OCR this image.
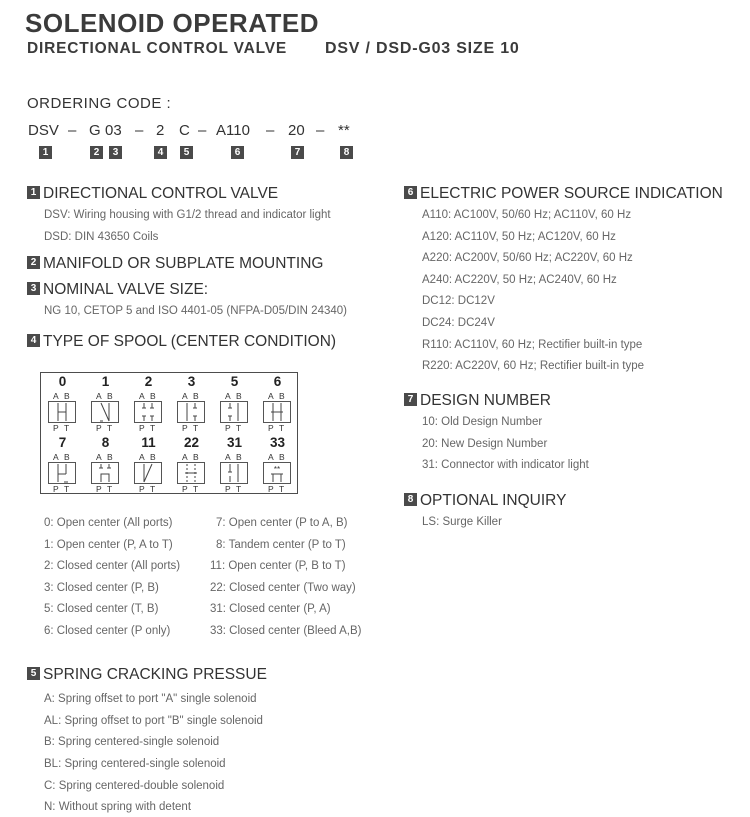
SOLENOID OPERATED
DIRECTIONAL CONTROL VALVE DSV / DSD-G03 SIZE 10
ORDERING CODE :
DSV – G 03 – 2 C – A110 – 20 – **
1	2	3	4	5	6	7	8
1 DIRECTIONAL CONTROL VALVE
DSV: Wiring housing with G1/2 thread and indicator light
DSD: DIN 43650 Coils
2 MANIFOLD OR SUBPLATE MOUNTING
3 NOMINAL VALVE SIZE:
NG 10, CETOP 5 and ISO 4401-05 (NFPA-D05/DIN 24340)
4 TYPE OF SPOOL (CENTER CONDITION)
0
A B
P T
1
A B
P T
2
A B
P T
3
A B
P T
5
A B
P T
6
A B
P T
7
A B
P T
8
A B
P T
11
A B
P T
22
A B
P T
31
A B
P T
33
A B
P T
**
0: Open center (All ports)
1: Open center (P, A to T)
2: Closed center (All ports)
3: Closed center (P, B)
5: Closed center (T, B)
6: Closed center (P only)
7: Open center (P to A, B)
8: Tandem center (P to T)
11: Open center (P, B to T)
22: Closed center (Two way)
31: Closed center (P, A)
33: Closed center (Bleed A,B)
5 SPRING CRACKING PRESSUE
A: Spring offset to port "A" single solenoid
AL: Spring offset to port "B" single solenoid
B: Spring centered-single solenoid
BL: Spring centered-single solenoid
C: Spring centered-double solenoid
N: Without spring with detent
6 ELECTRIC POWER SOURCE INDICATION
A110: AC100V, 50/60 Hz; AC110V, 60 Hz
A120: AC110V, 50 Hz; AC120V, 60 Hz
A220: AC200V, 50/60 Hz; AC220V, 60 Hz
A240: AC220V, 50 Hz; AC240V, 60 Hz
DC12: DC12V
DC24: DC24V
R110: AC110V, 60 Hz; Rectifier built-in type
R220: AC220V, 60 Hz; Rectifier built-in type
7 DESIGN NUMBER
10: Old Design Number
20: New Design Number
31: Connector with indicator light
8 OPTIONAL INQUIRY
LS: Surge Killer
